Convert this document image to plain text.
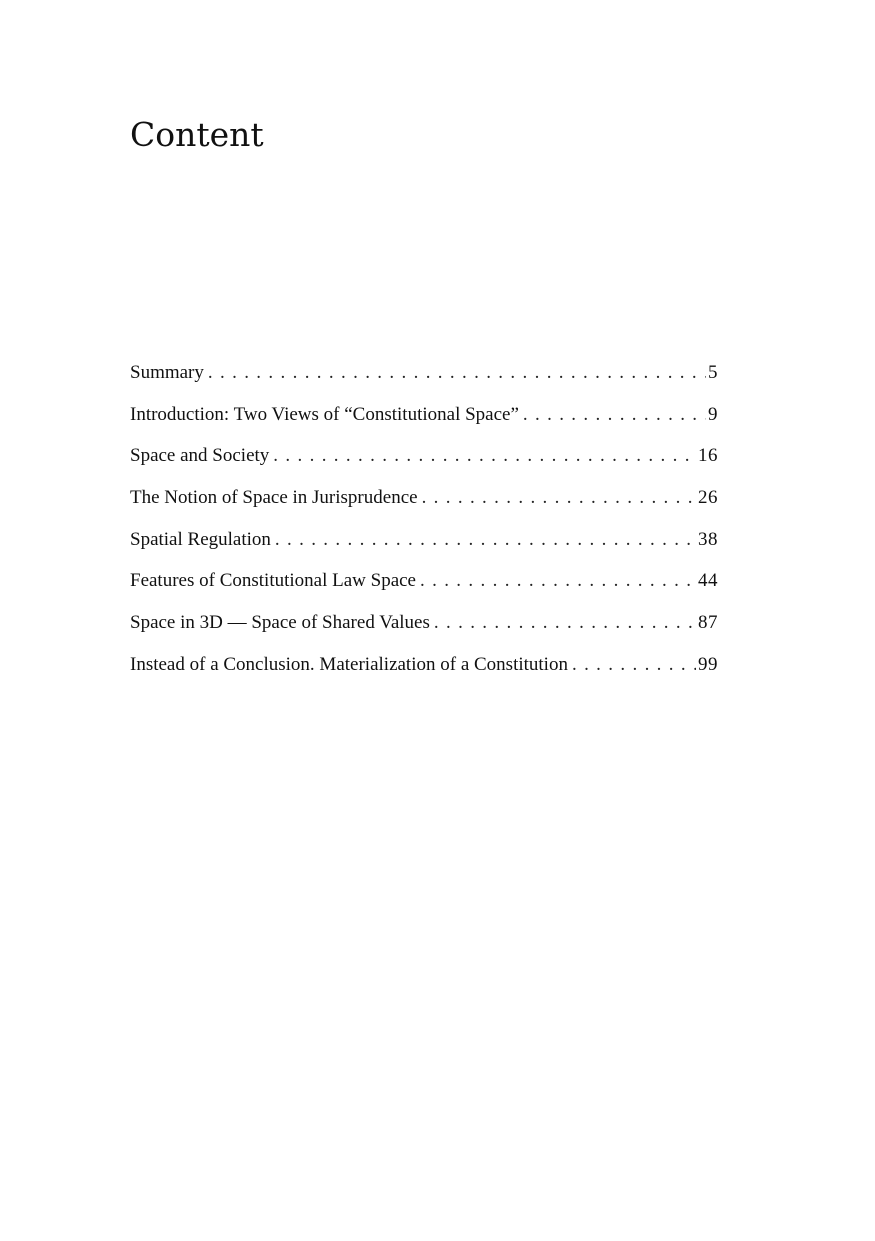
Content
Summary . . .	5
Introduction: Two Views of “Constitutional Space” . . .	9
Space and Society . . .	16
The Notion of Space in Jurisprudence . . .	26
Spatial Regulation . . .	38
Features of Constitutional Law Space . . .	44
Space in 3D — Space of Shared Values . . .	87
Instead of a Conclusion. Materialization of a Constitution . . .	99
